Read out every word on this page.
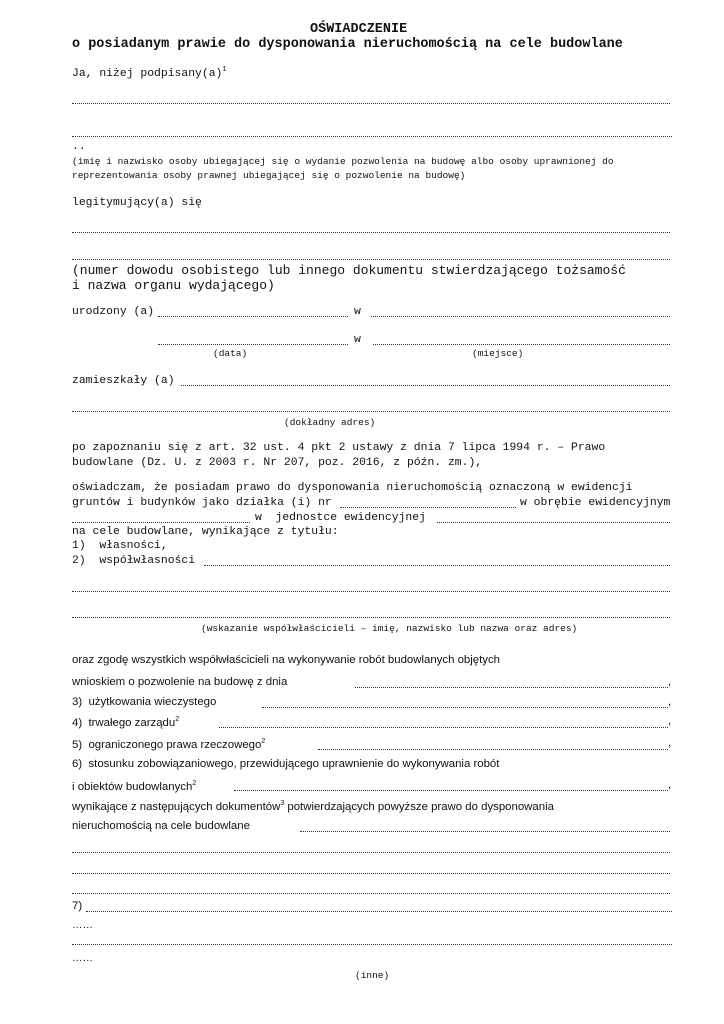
OŚWIADCZENIE
o posiadanym prawie do dysponowania nieruchomością na cele budowlane
Ja, niżej $podpisany(a)^1$
..
(imię i nazwisko osoby ubiegającej się o wydanie pozwolenia na budowę albo osoby uprawnionej do
reprezentowania osoby prawnej ubiegającej się o pozwolenie na budowę)
legitymujący(a) się
(numer dowodu osobistego lub innego dokumentu stwierdzającego tożsamość
i nazwa organu wydającego)
urodzony (a)	w
w
(data)	(miejsce)
zamieszkały (a)
(dokładny adres)
po zapoznaniu się z art. 32 ust. 4 pkt 2 ustawy z dnia 7 lipca 1994 r. – Prawo
budowlane (Dz. U. z 2003 r. Nr 207, poz. 2016, z późn. zm.),
oświadczam, że posiadam prawo do dysponowania nieruchomością oznaczoną w ewidencji
gruntów i budynków jako działka (i) nr	w obrębie ewidencyjnym
w  jednostce ewidencyjnej
na cele budowlane, wynikające z tytułu:
1)  własności,
2)  współwłasności
(wskazanie współwłaścicieli – imię, nazwisko lub nazwa oraz adres)
oraz zgodę wszystkich współwłaścicieli na wykonywanie robót budowlanych objętych
wnioskiem o pozwolenie na budowę z dnia	,
3)  użytkowania wieczystego	,
4)  trwałego zarządu$^2$	,
5)  ograniczonego prawa rzeczowego$^2$	,
6)  stosunku zobowiązaniowego, przewidującego uprawnienie do wykonywania robót
i obiektów budowlanych$^2$	,
wynikające z następujących dokumentów$^3$ potwierdzających powyższe prawo do dysponowania
nieruchomością na cele budowlane
7)
……
……
(inne)
